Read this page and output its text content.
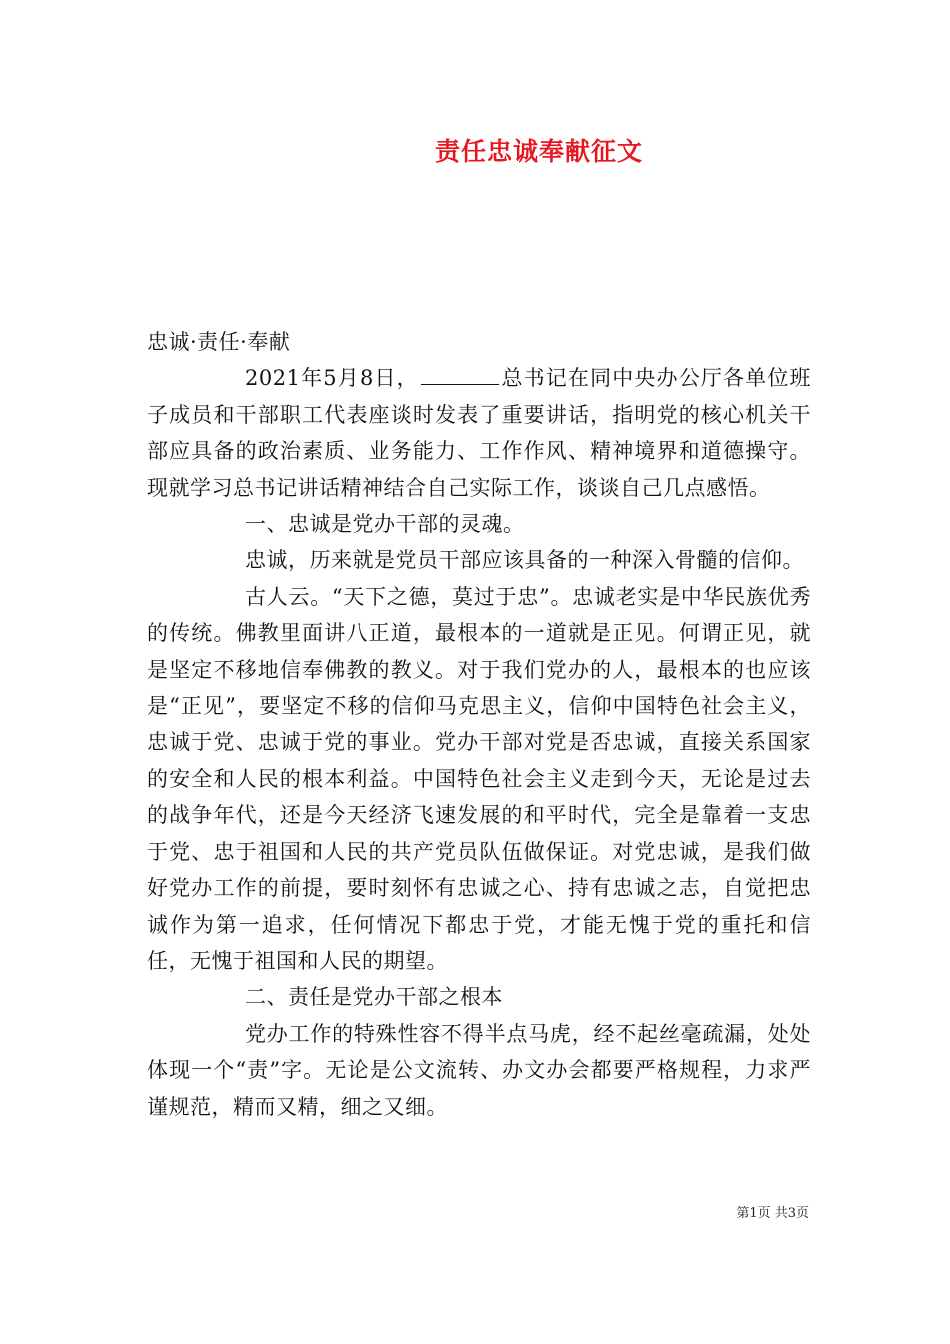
责任忠诚奉献征文

忠诚·责任·奉献

2021年5月8日，	总书记在同中央办公厅各单位班子成员和干部职工代表座谈时发表了重要讲话，指明党的核心机关干部应具备的政治素质、业务能力、工作作风、精神境界和道德操守。现就学习总书记讲话精神结合自己实际工作，谈谈自己几点感悟。

一、忠诚是党办干部的灵魂。

忠诚，历来就是党员干部应该具备的一种深入骨髓的信仰。

古人云。“天下之德，莫过于忠”。忠诚老实是中华民族优秀的传统。佛教里面讲八正道，最根本的一道就是正见。何谓正见，就是坚定不移地信奉佛教的教义。对于我们党办的人，最根本的也应该是“正见”，要坚定不移的信仰马克思主义，信仰中国特色社会主义，忠诚于党、忠诚于党的事业。党办干部对党是否忠诚，直接关系国家的安全和人民的根本利益。中国特色社会主义走到今天，无论是过去的战争年代，还是今天经济飞速发展的和平时代，完全是靠着一支忠于党、忠于祖国和人民的共产党员队伍做保证。对党忠诚，是我们做好党办工作的前提，要时刻怀有忠诚之心、持有忠诚之志，自觉把忠诚作为第一追求，任何情况下都忠于党，才能无愧于党的重托和信任，无愧于祖国和人民的期望。

二、责任是党办干部之根本

党办工作的特殊性容不得半点马虎，经不起丝毫疏漏，处处体现一个“责”字。无论是公文流转、办文办会都要严格规程，力求严谨规范，精而又精，细之又细。

第1页 共3页
